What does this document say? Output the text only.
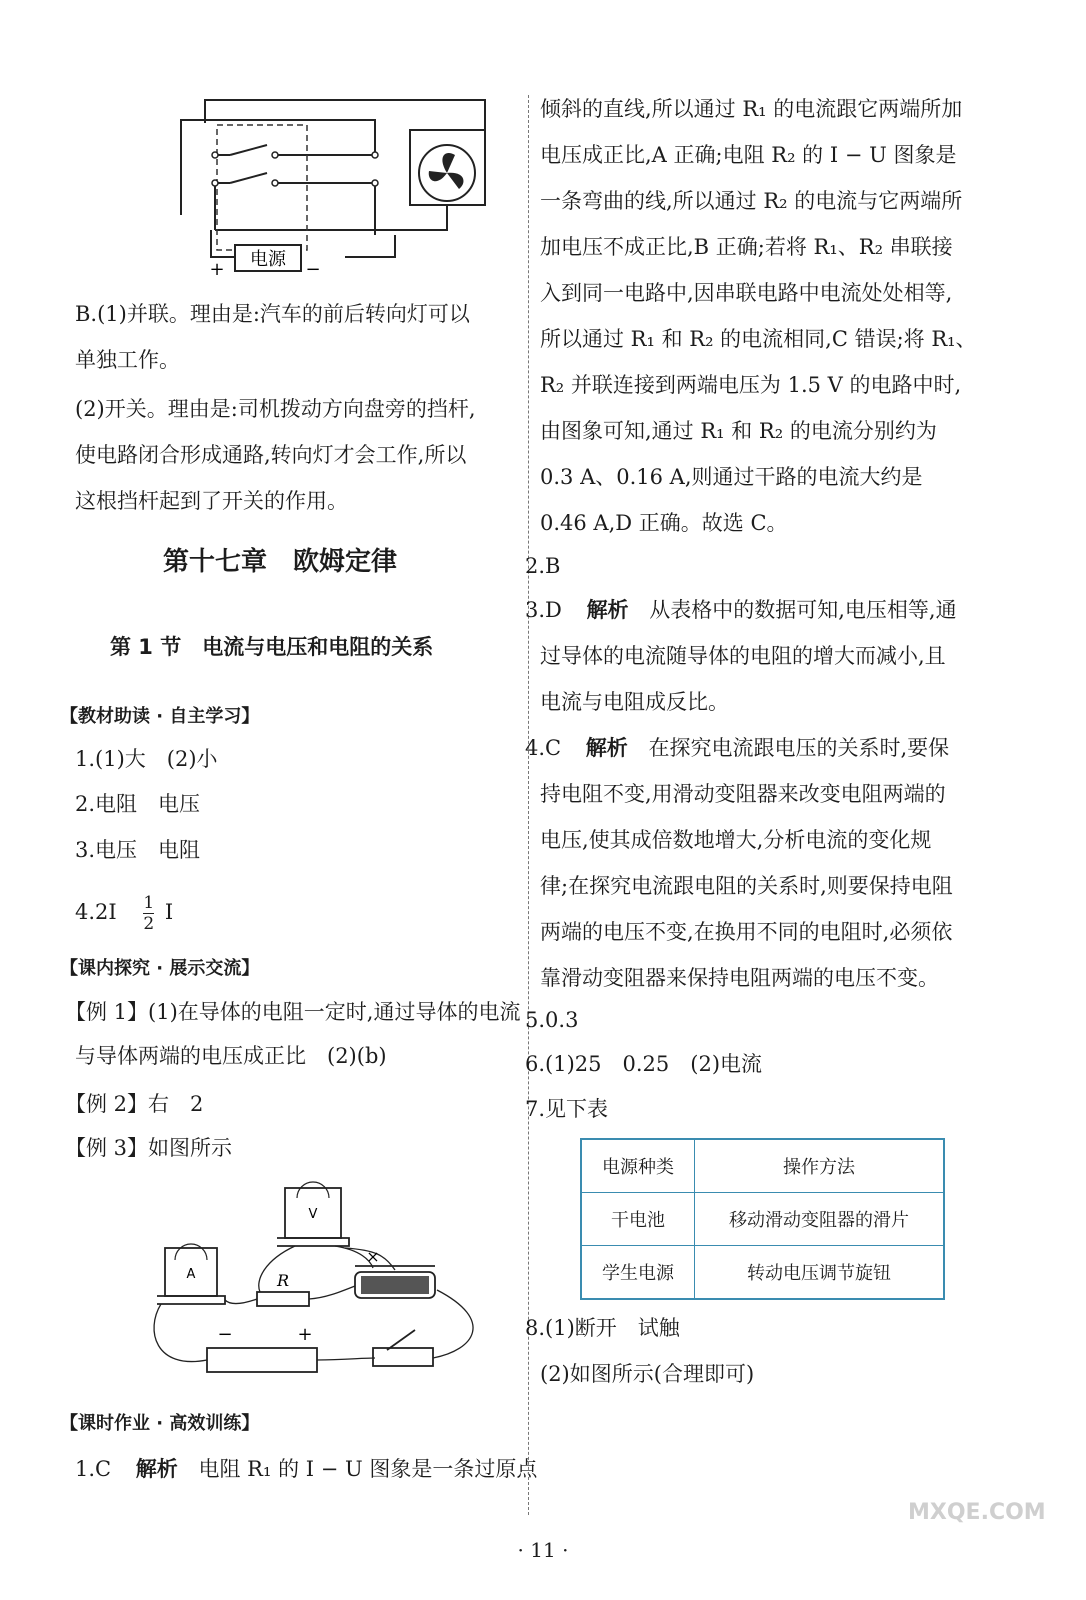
电源
+	−
B.(1)并联。理由是:汽车的前后转向灯可以
单独工作。
(2)开关。理由是:司机拨动方向盘旁的挡杆,
使电路闭合形成通路,转向灯才会工作,所以
这根挡杆起到了开关的作用。
第十七章　欧姆定律
第 1 节　电流与电压和电阻的关系
【教材助读 · 自主学习】
1.(1)大　(2)小
2.电阻　电压
3.电压　电阻
$4.2I \frac{1}{2}$ I
【课内探究 · 展示交流】
【例 1】(1)在导体的电阻一定时,通过导体的电流
与导体两端的电压成正比　(2)(b)
【例 2】右　2
【例 3】如图所示
V
A	R
−	+
×
【课时作业 · 高效训练】
1.C 解析 电阻 R₁ 的 I − U 图象是一条过原点
倾斜的直线,所以通过 R₁ 的电流跟它两端所加
电压成正比,A 正确;电阻 R₂ 的 I − U 图象是
一条弯曲的线,所以通过 R₂ 的电流与它两端所
加电压不成正比,B 正确;若将 R₁、R₂ 串联接
入到同一电路中,因串联电路中电流处处相等,
所以通过 R₁ 和 R₂ 的电流相同,C 错误;将 R₁、
R₂ 并联连接到两端电压为 1.5 V 的电路中时,
由图象可知,通过 R₁ 和 R₂ 的电流分别约为
0.3 A、0.16 A,则通过干路的电流大约是
0.46 A,D 正确。故选 C。
2.B
3.D 解析 从表格中的数据可知,电压相等,通
过导体的电流随导体的电阻的增大而减小,且
电流与电阻成反比。
4.C 解析 在探究电流跟电压的关系时,要保
持电阻不变,用滑动变阻器来改变电阻两端的
电压,使其成倍数地增大,分析电流的变化规
律;在探究电流跟电阻的关系时,则要保持电阻
两端的电压不变,在换用不同的电阻时,必须依
靠滑动变阻器来保持电阻两端的电压不变。
5.0.3
6.(1)25　0.25　(2)电流
7.见下表
电源种类	操作方法
干电池	移动滑动变阻器的滑片
学生电源	转动电压调节旋钮
8.(1)断开　试触
(2)如图所示(合理即可)
· 11 ·
MXQE.COM
